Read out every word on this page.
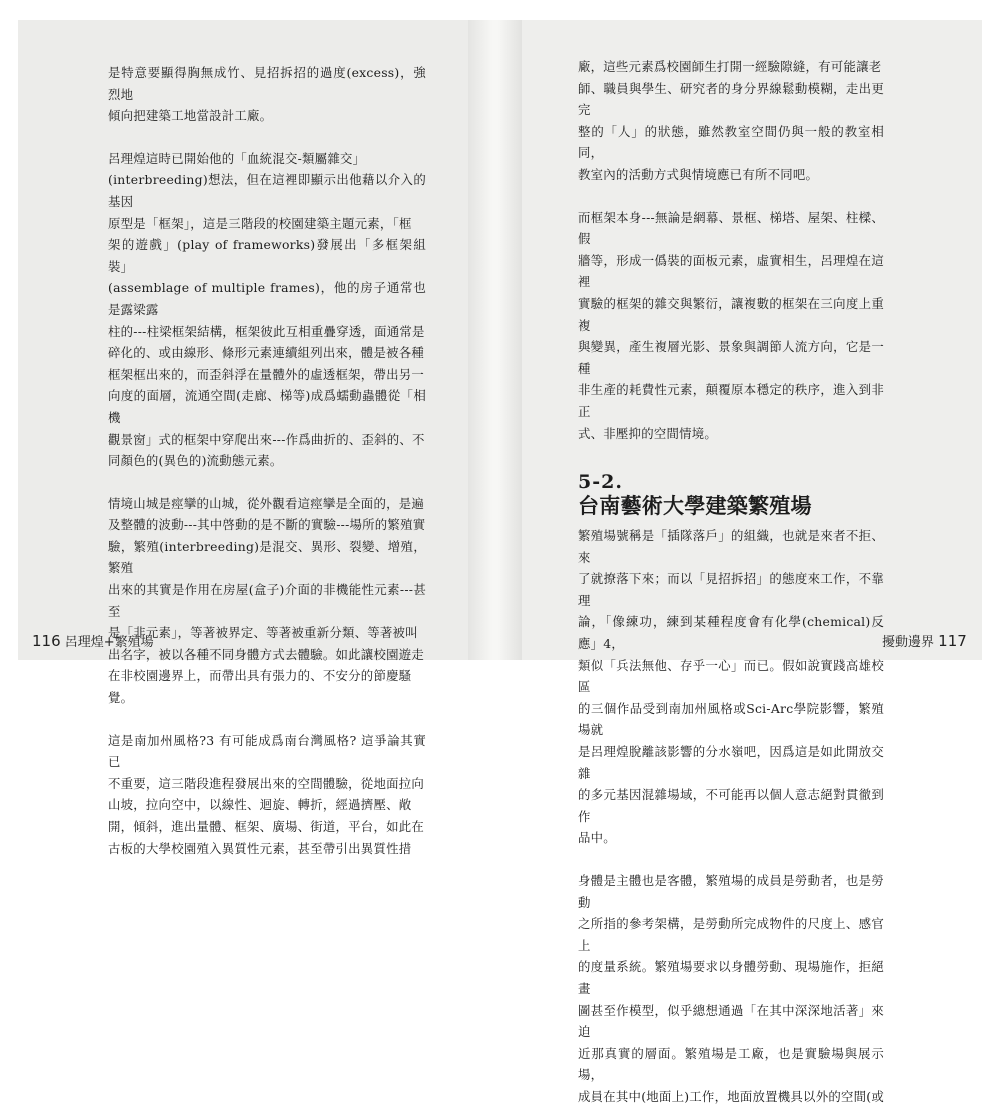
是特意要顯得胸無成竹、見招拆招的過度(excess)，強烈地
傾向把建築工地當設計工廠。

呂理煌這時已開始他的「血統混交-類屬雜交」
(interbreeding)想法，但在這裡即顯示出他藉以介入的基因
原型是「框架」，這是三階段的校園建築主題元素，「框
架的遊戲」(play of frameworks)發展出「多框架組裝」
(assemblage of multiple frames)，他的房子通常也是露梁露
柱的---柱梁框架結構，框架彼此互相重疊穿透，面通常是
碎化的、或由線形、條形元素連續組列出來，體是被各種
框架框出來的，而歪斜浮在量體外的虛透框架，帶出另一
向度的面層，流通空間(走廊、梯等)成爲蠕動蟲體從「相機
觀景窗」式的框架中穿爬出來---作爲曲折的、歪斜的、不
同顏色的(異色的)流動態元素。

情境山城是痙攣的山城，從外觀看這痙攣是全面的，是遍
及整體的波動---其中啓動的是不斷的實驗---場所的繁殖實
驗，繁殖(interbreeding)是混交、異形、裂變、增殖，繁殖
出來的其實是作用在房屋(盒子)介面的非機能性元素---甚至
是「非元素」，等著被界定、等著被重新分類、等著被叫
出名字，被以各種不同身體方式去體驗。如此讓校園遊走
在非校園邊界上，而帶出具有張力的、不安分的節慶騷
覺。

這是南加州風格?3 有可能成爲南台灣風格? 這爭論其實已
不重要，這三階段進程發展出來的空間體驗，從地面拉向
山坡，拉向空中，以線性、迴旋、轉折，經過擠壓、敞
開，傾斜，進出量體、框架、廣場、街道，平台，如此在
古板的大學校園殖入異質性元素，甚至帶引出異質性措

廠，這些元素爲校園師生打開一經驗隙縫，有可能讓老
師、職員與學生、研究者的身分界線鬆動模糊，走出更完
整的「人」的狀態，雖然教室空間仍與一般的教室相同，
教室內的活動方式與情境應已有所不同吧。

而框架本身---無論是網幕、景框、梯塔、屋架、柱樑、假
牆等，形成一僞裝的面板元素，虛實相生，呂理煌在這裡
實驗的框架的雜交與繁衍，讓複數的框架在三向度上重複
與變異，產生複層光影、景象與調節人流方向，它是一種
非生產的耗費性元素，顛覆原本穩定的秩序，進入到非正
式、非壓抑的空間情境。

5-2.
台南藝術大學建築繁殖場

繁殖場號稱是「插隊落戶」的組織，也就是來者不拒、來
了就撩落下來；而以「見招拆招」的態度來工作，不靠理
論，「像練功，練到某種程度會有化學(chemical)反應」4，
類似「兵法無他、存乎一心」而已。假如說實踐高雄校區
的三個作品受到南加州風格或Sci-Arc學院影響，繁殖場就
是呂理煌脫離該影響的分水嶺吧，因爲這是如此開放交雜
的多元基因混雜場域，不可能再以個人意志絕對貫徹到作
品中。

身體是主體也是客體，繁殖場的成員是勞動者，也是勞動
之所指的參考架構，是勞動所完成物件的尺度上、感官上
的度量系統。繁殖場要求以身體勞動、現場施作，拒絕畫
圖甚至作模型，似乎總想通過「在其中深深地活著」來迫
近那真實的層面。繁殖場是工廠，也是實驗場與展示場，
成員在其中(地面上)工作，地面放置機具以外的空間(或

116 呂理煌+繁殖場	擾動邊界 117
